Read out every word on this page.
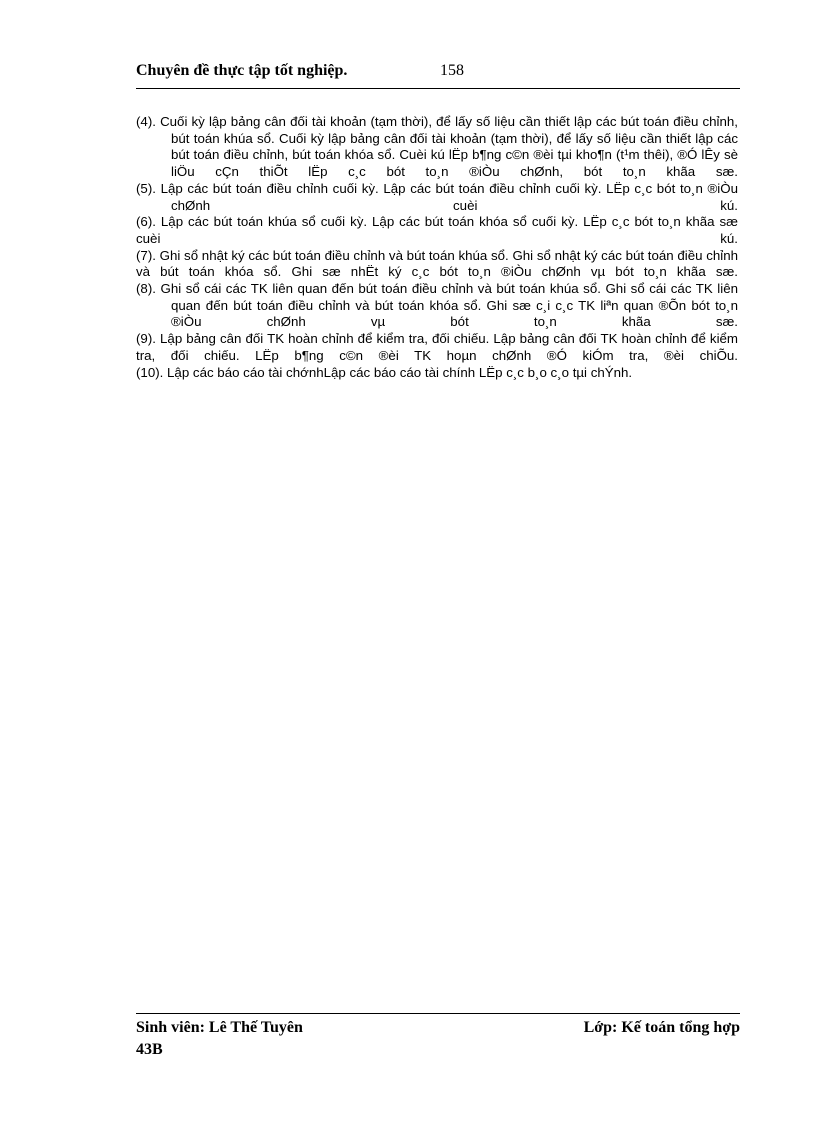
Chuyên đề thực tập tốt nghiệp.	158

(4). Cuối kỳ lập bảng cân đối tài khoản (tạm thời), để lấy số liệu cần thiết lập các bút toán điều chỉnh, bút toán khúa sổ. Cuối kỳ lập bảng cân đối tài khoản (tạm thời), để lấy số liệu cần thiết lập các bút toán điều chỉnh, bút toán khóa sổ. Cuèi kú lËp b¶ng c©n ®èi tµi kho¶n (t¹m thêi), ®Ó lÊy sè liÖu cÇn thiÕt lËp c¸c bót to¸n ®iÒu chØnh, bót to¸n khãa sæ.

(5). Lập các bút toán điều chỉnh cuối kỳ. Lập các bút toán điều chỉnh cuối kỳ. LËp c¸c bót to¸n ®iÒu chØnh cuèi kú.

(6). Lập các bút toán khúa sổ cuối kỳ. Lập các bút toán khóa sổ cuối kỳ. LËp c¸c bót to¸n khãa sæ cuèi kú.

(7). Ghi sổ nhật ký các bút toán điều chỉnh và bút toán khúa sổ. Ghi sổ nhật ký các bút toán điều chỉnh và bút toán khóa sổ. Ghi sæ nhËt ký c¸c bót to¸n ®iÒu chØnh vµ bót to¸n khãa sæ.

(8). Ghi sổ cái các TK liên quan đến bút toán điều chỉnh và bút toán khúa sổ. Ghi sổ cái các TK liên quan đến bút toán điều chỉnh và bút toán khóa sổ. Ghi sæ c¸i c¸c TK liªn quan ®Õn bót to¸n ®iÒu chØnh vµ bót to¸n khãa sæ.

(9). Lập bảng cân đối TK hoàn chỉnh để kiểm tra, đối chiếu. Lập bảng cân đối TK hoàn chỉnh để kiểm tra, đối chiếu. LËp b¶ng c©n ®èi TK hoµn chØnh ®Ó kiÓm tra, ®èi chiÕu.

(10). Lập các báo cáo tài chớnhLập các báo cáo tài chính LËp c¸c b¸o c¸o tµi chÝnh.

Sinh viên: Lê Thế Tuyên	Lớp: Kế toán tổng hợp
43B
